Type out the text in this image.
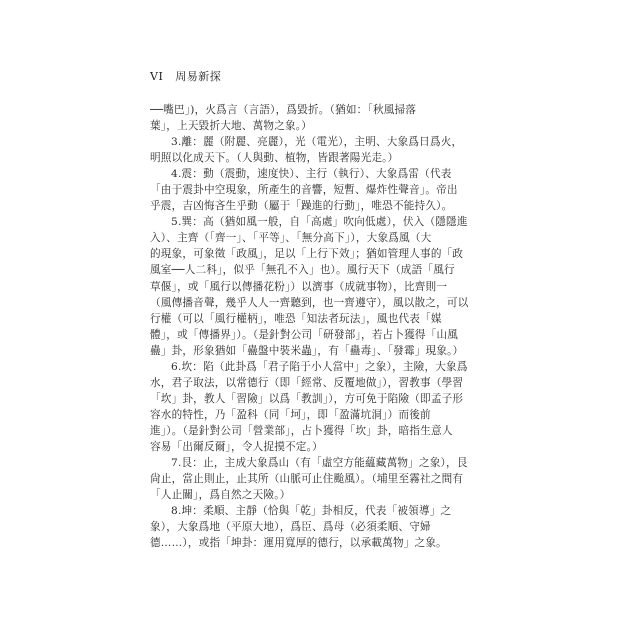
VI 周易新探
──嘴巴」)，火爲言（言語），爲毀折。（猶如：「秋風掃落
葉」，上天毀折大地、萬物之象。）
3.離：麗（附麗、亮麗），光（電光），主明、大象爲日爲火，
明照以化成天下。（人與動、植物，皆跟著陽光走。）
4.震：動（震動，速度快）、主行（執行）、大象爲雷（代表
「由于震卦中空現象，所產生的音響，短暫、爆炸性聲音」。帝出
乎震，吉凶悔吝生乎動（屬于「躁進的行動」，唯恐不能持久）。
5.巽：高（猶如風一般，自「高處」吹向低處），伏入（隱隱進
入）、主齊（「齊一」、「平等」、「無分高下」），大象爲風（大
的現象，可象徵「政風」，足以「上行下效」；猶如管理人事的「政
風室──人二科」，似乎「無孔不入」也）。風行天下（成語「風行
草偃」，或「風行以傳播花粉」）以濟事（成就事物），比齊則一
（風傳播音聲，幾乎人人一齊聽到，也一齊遵守），風以散之，可以
行權（可以「風行權柄」，唯恐「知法者玩法」，風也代表「媒
體」，或「傳播界」）。（是針對公司「研發部」，若占卜獲得「山風
蠱」卦，形象猶如「蠱盤中裝米蟲」，有「蠱毒」、「發霉」現象。）
6.坎：陷（此卦爲「君子陷于小人當中」之象），主險，大象爲
水，君子取法，以常德行（即「經常、反覆地做」），習教事（學習
「坎」卦，教人「習險」以爲「教訓」），方可免于陷險（即孟子形
容水的特性，乃「盈科（同「坷」，即「盈滿坑洞」）而後前
進」）。（是針對公司「營業部」，占卜獲得「坎」卦，暗指生意人
容易「出爾反爾」，令人捉摸不定。）
7.艮：止，主成大象爲山（有「虛空方能蘊藏萬物」之象），艮
尙止，當止則止，止其所（山脈可止住颱風）。（埔里至霧社之間有
「人止關」，爲自然之天險。）
8.坤：柔順、主靜（恰與「乾」卦相反，代表「被領導」之
象），大象爲地（平原大地），爲臣、爲母（必須柔順、守婦
德……），或指「坤卦：運用寬厚的德行，以承載萬物」之象。
